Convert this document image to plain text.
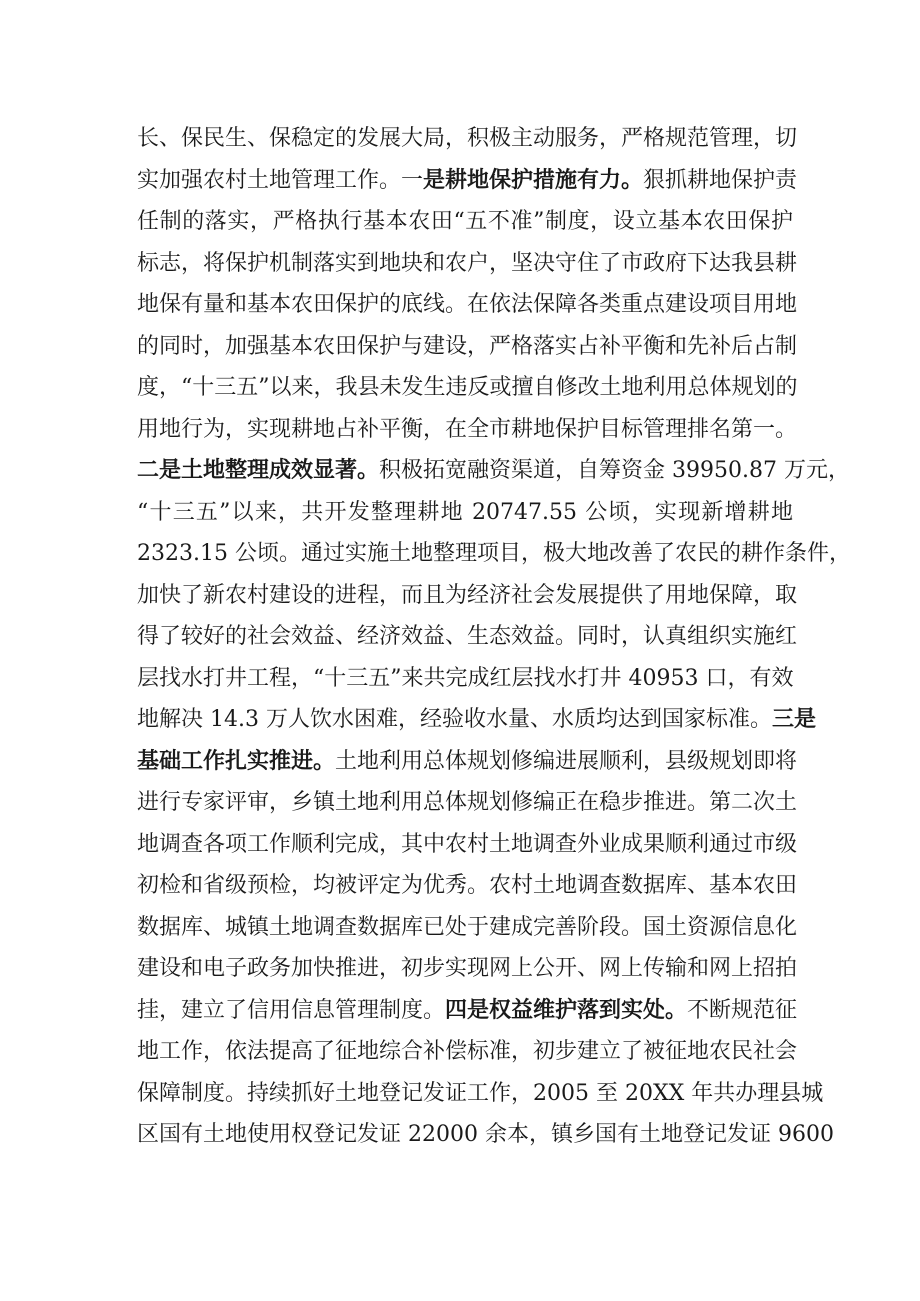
长、保民生、保稳定的发展大局，积极主动服务，严格规范管理，切
实加强农村土地管理工作。一是耕地保护措施有力。狠抓耕地保护责
任制的落实，严格执行基本农田“五不准”制度，设立基本农田保护
标志，将保护机制落实到地块和农户，坚决守住了市政府下达我县耕
地保有量和基本农田保护的底线。在依法保障各类重点建设项目用地
的同时，加强基本农田保护与建设，严格落实占补平衡和先补后占制
度，“十三五”以来，我县未发生违反或擅自修改土地利用总体规划的
用地行为，实现耕地占补平衡，在全市耕地保护目标管理排名第一。
二是土地整理成效显著。积极拓宽融资渠道，自筹资金 39950.87 万元，
“十三五”以来，共开发整理耕地 20747.55 公顷，实现新增耕地
2323.15 公顷。通过实施土地整理项目，极大地改善了农民的耕作条件，
加快了新农村建设的进程，而且为经济社会发展提供了用地保障，取
得了较好的社会效益、经济效益、生态效益。同时，认真组织实施红
层找水打井工程，“十三五”来共完成红层找水打井 40953 口，有效
地解决 14.3 万人饮水困难，经验收水量、水质均达到国家标准。三是
基础工作扎实推进。土地利用总体规划修编进展顺利，县级规划即将
进行专家评审，乡镇土地利用总体规划修编正在稳步推进。第二次土
地调查各项工作顺利完成，其中农村土地调查外业成果顺利通过市级
初检和省级预检，均被评定为优秀。农村土地调查数据库、基本农田
数据库、城镇土地调查数据库已处于建成完善阶段。国土资源信息化
建设和电子政务加快推进，初步实现网上公开、网上传输和网上招拍
挂，建立了信用信息管理制度。四是权益维护落到实处。不断规范征
地工作，依法提高了征地综合补偿标准，初步建立了被征地农民社会
保障制度。持续抓好土地登记发证工作，2005 至 20XX 年共办理县城
区国有土地使用权登记发证 22000 余本，镇乡国有土地登记发证 9600
